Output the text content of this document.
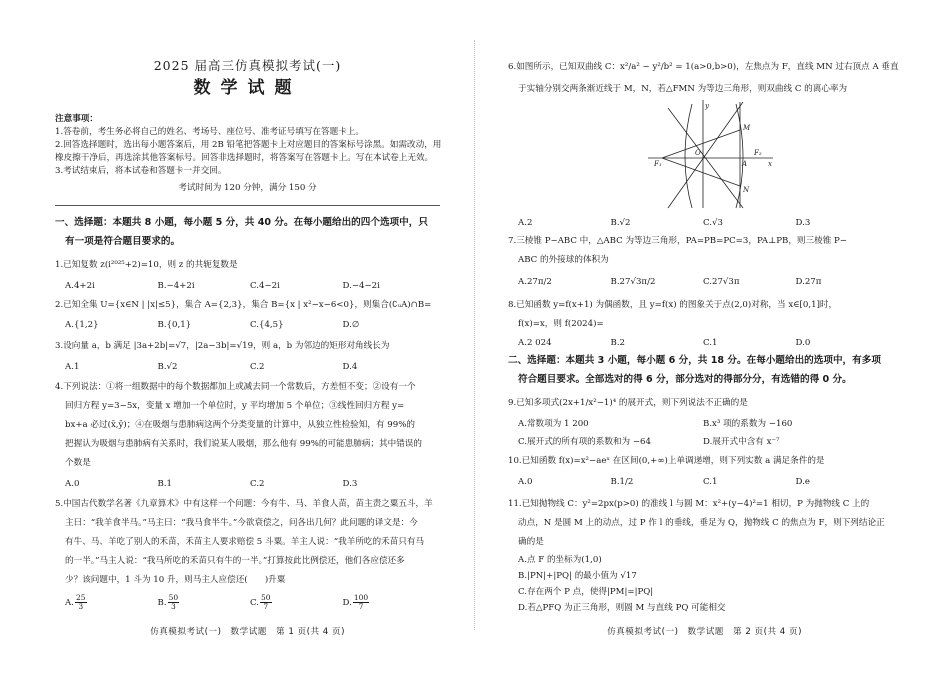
2025 届高三仿真模拟考试(一)
数学试题
注意事项：
1.答卷前，考生务必将自己的姓名、考场号、座位号、准考证号填写在答题卡上。
2.回答选择题时，选出每小题答案后，用 2B 铅笔把答题卡上对应题目的答案标号涂黑。如需改动，用
橡皮擦干净后，再选涂其他答案标号。回答非选择题时，将答案写在答题卡上。写在本试卷上无效。
3.考试结束后，将本试卷和答题卡一并交回。
考试时间为 120 分钟，满分 150 分
一、选择题：本题共 8 小题，每小题 5 分，共 40 分。在每小题给出的四个选项中，只
有一项是符合题目要求的。
1.已知复数 z(i²⁰²⁵+2)=10，则 z 的共轭复数是
A.4+2i	B.−4+2i	C.4−2i	D.−4−2i
2.已知全集 U={x∈N | |x|≤5}，集合 A={2,3}，集合 B={x | x²−x−6<0}，则集合(∁ᵤA)∩B=
A.{1,2}	B.{0,1}	C.{4,5}	D.∅
3.设向量 a，b 满足 |3a+2b|=√7，|2a−3b|=√19，则 a，b 为邻边的矩形对角线长为
A.1	B.√2	C.2	D.4
4.下列说法：①将一组数据中的每个数据都加上或减去同一个常数后，方差恒不变；②设有一个
回归方程 y=3−5x，变量 x 增加一个单位时，y 平均增加 5 个单位；③线性回归方程 y=
bx+a 必过(x̄,ȳ)；④在吸烟与患肺病这两个分类变量的计算中，从独立性检验知，有 99%的
把握认为吸烟与患肺病有关系时，我们说某人吸烟，那么他有 99%的可能患肺病；其中错误的
个数是
A.0	B.1	C.2	D.3
5.中国古代数学名著《九章算术》中有这样一个问题：今有牛、马、羊食人苗，苗主责之粟五斗，羊
主曰：“我羊食半马。”马主曰：“我马食半牛。”今欲衰偿之，问各出几何？此问题的译文是：今
有牛、马、羊吃了别人的禾苗，禾苗主人要求赔偿 5 斗粟。羊主人说：“我羊所吃的禾苗只有马
的一半。”马主人说：“我马所吃的禾苗只有牛的一半。”打算按此比例偿还，他们各应偿还多
少？该问题中，1 斗为 10 升，则马主人应偿还(　　)升粟
A. $\frac{25}{3}$	B. $\frac{50}{3}$	C. $\frac{50}{7}$	D. $\frac{100}{7}$
仿真模拟考试(一)　数学试题　第 1 页(共 4 页)
6.如图所示，已知双曲线 C：x²/a² − y²/b² = 1(a>0,b>0)，左焦点为 F，直线 MN 过右顶点 A 垂直
于实轴分别交两条渐近线于 M，N，若△FMN 为等边三角形，则双曲线 C 的离心率为
y
x
O
A
M
N
F₁
F₂
A.2	B.√2	C.√3	D.3
7.三棱锥 P−ABC 中，△ABC 为等边三角形，PA=PB=PC=3，PA⊥PB，则三棱锥 P−
ABC 的外接球的体积为
A.27π/2	B.27√3π/2	C.27√3π	D.27π
8.已知函数 y=f(x+1) 为偶函数，且 y=f(x) 的图象关于点(2,0)对称，当 x∈[0,1]时，
f(x)=x，则 f(2024)=
A.2 024	B.2	C.1	D.0
二、选择题：本题共 3 小题，每小题 6 分，共 18 分。在每小题给出的选项中，有多项
符合题目要求。全部选对的得 6 分，部分选对的得部分分，有选错的得 0 分。
9.已知多项式(2x+1/x²−1)⁴ 的展开式，则下列说法不正确的是
A.常数项为 1 200	B.x³ 项的系数为 −160
C.展开式的所有项的系数和为 −64	D.展开式中含有 x⁻⁷
10.已知函数 f(x)=x²−aeˣ 在区间(0,+∞)上单调递增，则下列实数 a 满足条件的是
A.0	B.1/2	C.1	D.e
11.已知抛物线 C：y²=2px(p>0) 的准线 l 与圆 M：x²+(y−4)²=1 相切，P 为抛物线 C 上的
动点，N 是圆 M 上的动点，过 P 作 l 的垂线，垂足为 Q，抛物线 C 的焦点为 F，则下列结论正
确的是
A.点 F 的坐标为(1,0)
B.|PN|+|PQ| 的最小值为 √17
C.存在两个 P 点，使得|PM|=|PQ|
D.若△PFQ 为正三角形，则圆 M 与直线 PQ 可能相交
仿真模拟考试(一)　数学试题　第 2 页(共 4 页)
